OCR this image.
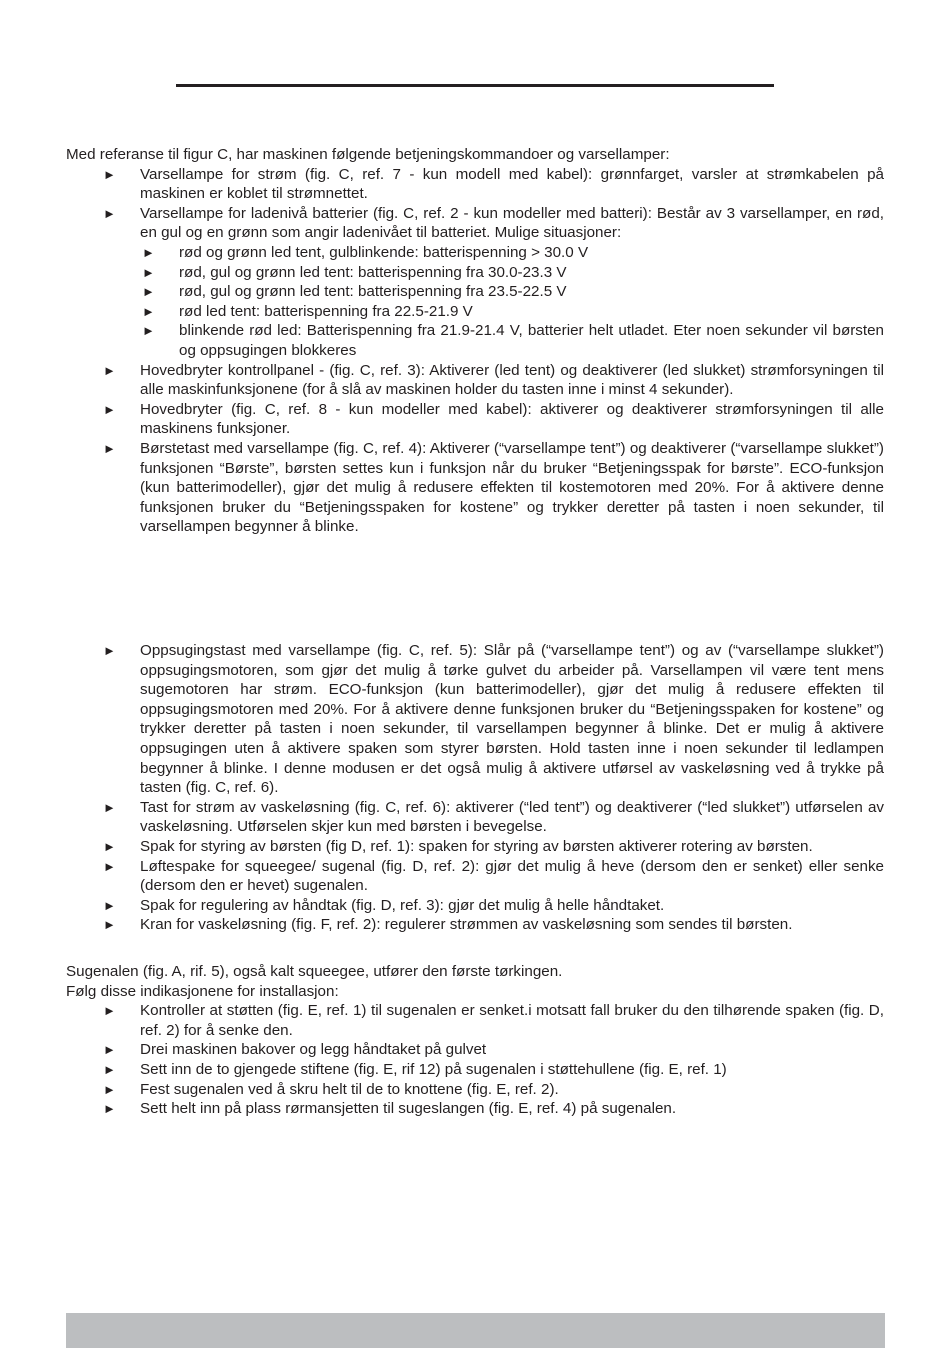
Med referanse til figur C, har maskinen følgende betjeningskommandoer og varsellamper:

► Varsellampe for strøm (fig. C, ref. 7 - kun modell med kabel): grønnfarget, varsler at strømkabelen på maskinen er koblet til strømnettet.
► Varsellampe for ladenivå batterier (fig. C, ref. 2 - kun modeller med batteri): Består av 3 varsellamper, en rød, en gul og en grønn som angir ladenivået til batteriet. Mulige situasjoner:
► rød og grønn led tent, gulblinkende: batterispenning > 30.0 V
► rød, gul og grønn led tent: batterispenning fra 30.0-23.3 V
► rød, gul og grønn led tent: batterispenning fra 23.5-22.5 V
► rød led tent: batterispenning fra 22.5-21.9 V
► blinkende rød led: Batterispenning fra 21.9-21.4 V, batterier helt utladet. Eter noen sekunder vil børsten og oppsugingen blokkeres
► Hovedbryter kontrollpanel - (fig. C, ref. 3): Aktiverer (led tent) og deaktiverer (led slukket) strømforsyningen til alle maskinfunksjonene (for å slå av maskinen holder du tasten inne i minst 4 sekunder).
► Hovedbryter (fig. C, ref. 8 - kun modeller med kabel): aktiverer og deaktiverer strømforsyningen til alle maskinens funksjoner.
► Børstetast med varsellampe (fig. C, ref. 4): Aktiverer (“varsellampe tent”) og deaktiverer (“varsellampe slukket”) funksjonen “Børste”, børsten settes kun i funksjon når du bruker “Betjeningsspak for børste”. ECO-funksjon (kun batterimodeller), gjør det mulig å redusere effekten til kostemotoren med 20%. For å aktivere denne funksjonen bruker du “Betjeningsspaken for kostene” og trykker deretter på tasten i noen sekunder, til varsellampen begynner å blinke.
► Oppsugingstast med varsellampe (fig. C, ref. 5): Slår på (“varsellampe tent”) og av (“varsellampe slukket”) oppsugingsmotoren, som gjør det mulig å tørke gulvet du arbeider på. Varsellampen vil være tent mens sugemotoren har strøm. ECO-funksjon (kun batterimodeller), gjør det mulig å redusere effekten til oppsugingsmotoren med 20%. For å aktivere denne funksjonen bruker du “Betjeningsspaken for kostene” og trykker deretter på tasten i noen sekunder, til varsellampen begynner å blinke. Det er mulig å aktivere oppsugingen uten å aktivere spaken som styrer børsten. Hold tasten inne i noen sekunder til ledlampen begynner å blinke. I denne modusen er det også mulig å aktivere utførsel av vaskeløsning ved å trykke på tasten (fig. C, ref. 6).
► Tast for strøm av vaskeløsning (fig. C, ref. 6): aktiverer (“led tent”) og deaktiverer (“led slukket”) utførselen av vaskeløsning. Utførselen skjer kun med børsten i bevegelse.
► Spak for styring av børsten (fig D, ref. 1): spaken for styring av børsten aktiverer rotering av børsten.
► Løftespake for squeegee/ sugenal (fig. D, ref. 2): gjør det mulig å heve (dersom den er senket) eller senke (dersom den er hevet) sugenalen.
► Spak for regulering av håndtak (fig. D, ref. 3): gjør det mulig å helle håndtaket.
► Kran for vaskeløsning (fig. F, ref. 2): regulerer strømmen av vaskeløsning som sendes til børsten.

Sugenalen (fig. A, rif. 5), også kalt squeegee, utfører den første tørkingen.

Følg disse indikasjonene for installasjon:

► Kontroller at støtten (fig. E, ref. 1) til sugenalen er senket.i motsatt fall bruker du den tilhørende spaken (fig. D, ref. 2) for å senke den.
► Drei maskinen bakover og legg håndtaket på gulvet
► Sett inn de to gjengede stiftene (fig. E, rif 12) på sugenalen i støttehullene (fig. E, ref. 1)
► Fest sugenalen ved å skru helt til de to knottene (fig. E, ref. 2).
► Sett helt inn på plass rørmansjetten til sugeslangen (fig. E, ref. 4) på sugenalen.
